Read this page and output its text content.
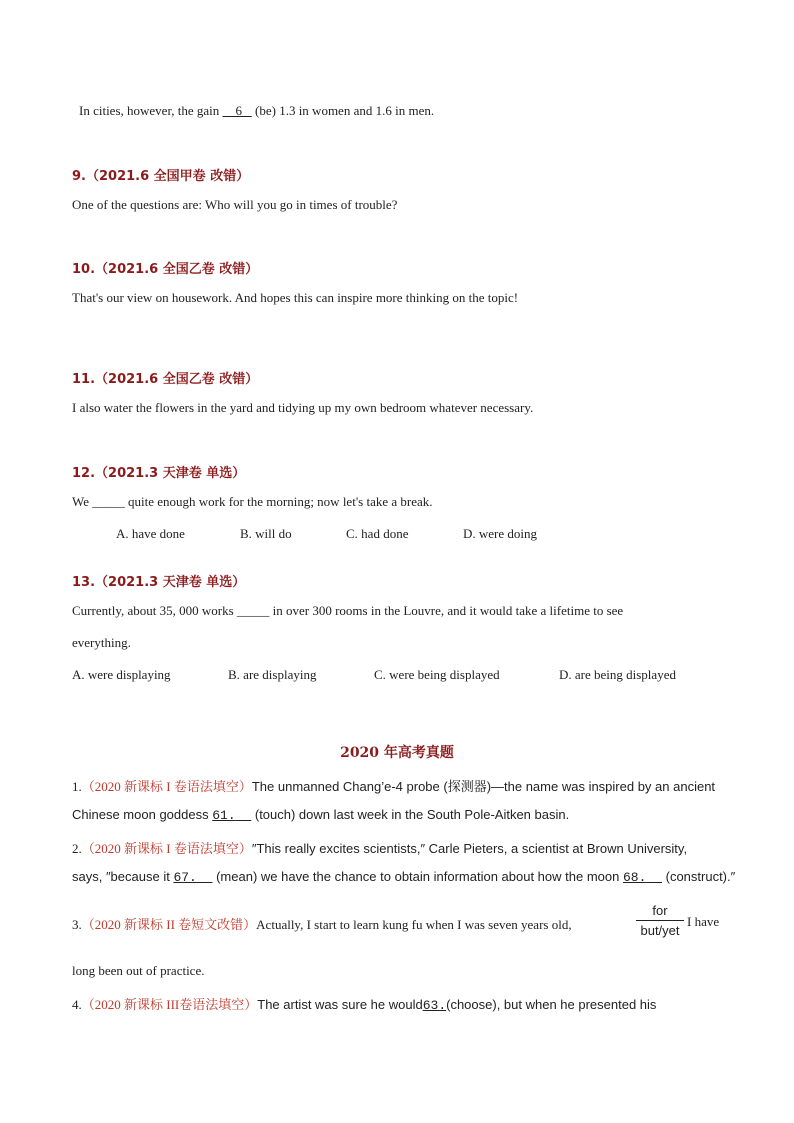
In cities, however, the gain 6 (be) 1.3 in women and 1.6 in men.
9.（2021.6 全国甲卷 改错）
One of the questions are: Who will you go in times of trouble?
10.（2021.6 全国乙卷 改错）
That's our view on housework. And hopes this can inspire more thinking on the topic!
11.（2021.6 全国乙卷 改错）
I also water the flowers in the yard and tidying up my own bedroom whatever necessary.
12.（2021.3 天津卷 单选）
We _____ quite enough work for the morning; now let's take a break.
A. have done	B. will do	C. had done	D. were doing
13.（2021.3 天津卷 单选）
Currently, about 35, 000 works _____ in over 300 rooms in the Louvre, and it would take a lifetime to see
everything.
A. were displaying	B. are displaying	C. were being displayed	D. are being displayed
2020 年高考真题
1.（2020 新课标 I 卷语法填空）The unmanned Chang’e-4 probe (探测器)—the name was inspired by an ancient
Chinese moon goddess 61. (touch) down last week in the South Pole-Aitken basin.
2.（2020 新课标 I 卷语法填空）″This really excites scientists,″ Carle Pieters, a scientist at Brown University,
says, ″because it 67. (mean) we have the chance to obtain information about how the moon 68. (construct).″
3.（2020 新课标 II 卷短文改错）Actually, I start to learn kung fu when I was seven years old,
for
but/yet
I have
long been out of practice.
4.（2020 新课标 III卷语法填空）The artist was sure he would63.(choose), but when he presented his
